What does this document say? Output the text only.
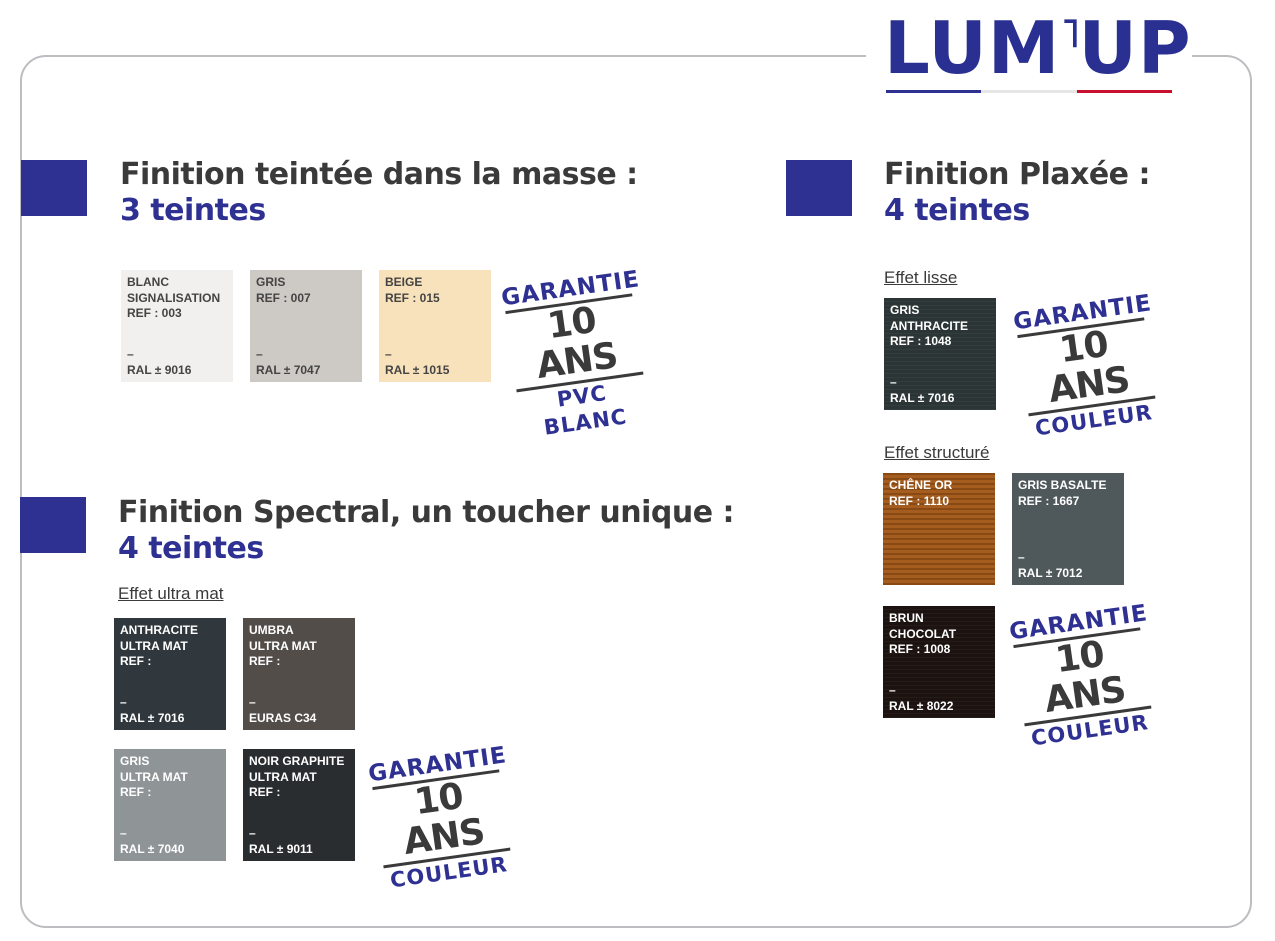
LUM˥UP
Finition teintée dans la masse :
3 teintes
Finition Plaxée :
4 teintes
Effet lisse
Effet structuré
Finition Spectral, un toucher unique :
4 teintes
Effet ultra mat
BLANC
SIGNALISATION
REF : 003
–
RAL ± 9016
GRIS
REF : 007
–
RAL ± 7047
BEIGE
REF : 015
–
RAL ± 1015
GRIS
ANTHRACITE
REF : 1048
–
RAL ± 7016
CHÊNE OR
REF : 1110
GRIS BASALTE
REF : 1667
–
RAL ± 7012
BRUN
CHOCOLAT
REF : 1008
–
RAL ± 8022
ANTHRACITE
ULTRA MAT
REF :
–
RAL ± 7016
UMBRA
ULTRA MAT
REF :
–
EURAS C34
GRIS
ULTRA MAT
REF :
–
RAL ± 7040
NOIR GRAPHITE
ULTRA MAT
REF :
–
RAL ± 9011
GARANTIE
10 ANS
PVC BLANC
GARANTIE
10 ANS
COULEUR
GARANTIE
10 ANS
COULEUR
GARANTIE
10 ANS
COULEUR
